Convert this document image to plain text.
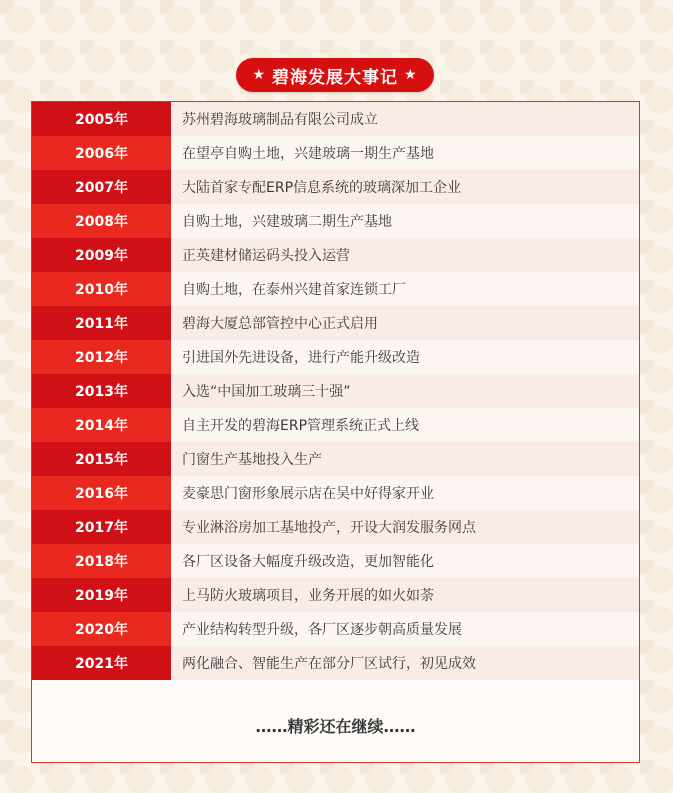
★ 碧海发展大事记 ★
2005年	苏州碧海玻璃制品有限公司成立
2006年	在望亭自购土地，兴建玻璃一期生产基地
2007年	大陆首家专配ERP信息系统的玻璃深加工企业
2008年	自购土地，兴建玻璃二期生产基地
2009年	正英建材储运码头投入运营
2010年	自购土地，在泰州兴建首家连锁工厂
2011年	碧海大厦总部管控中心正式启用
2012年	引进国外先进设备，进行产能升级改造
2013年	入选“中国加工玻璃三十强”
2014年	自主开发的碧海ERP管理系统正式上线
2015年	门窗生产基地投入生产
2016年	麦豪思门窗形象展示店在吴中好得家开业
2017年	专业淋浴房加工基地投产，开设大润发服务网点
2018年	各厂区设备大幅度升级改造，更加智能化
2019年	上马防火玻璃项目，业务开展的如火如荼
2020年	产业结构转型升级，各厂区逐步朝高质量发展
2021年	两化融合、智能生产在部分厂区试行，初见成效
……精彩还在继续……
